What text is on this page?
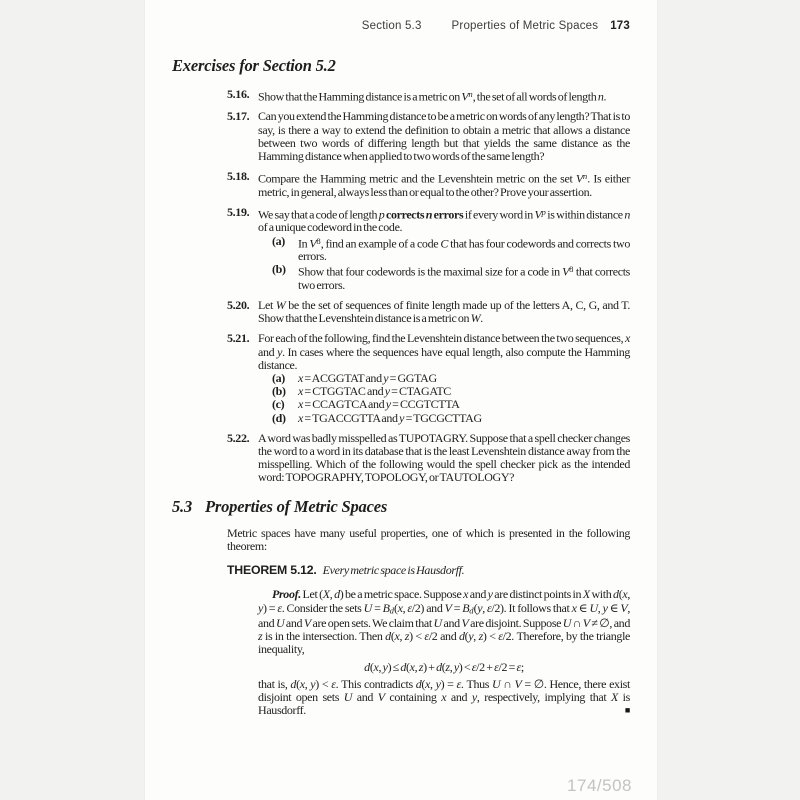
Section 5.3	Properties of Metric Spaces 173
Exercises for Section 5.2
5.16. Show that the Hamming distance is a metric on $V^n$, the set of all words of length n.
5.17. Can you extend the Hamming distance to be a metric on words of any length? That is to say, is there a way to extend the definition to obtain a metric that allows a distance between two words of differing length but that yields the same distance as the Hamming distance when applied to two words of the same length?
5.18. Compare the Hamming metric and the Levenshtein metric on the set $V^n$. Is either metric, in general, always less than or equal to the other? Prove your assertion.
5.19. We say that a code of length p corrects n errors if every word in $V^p$ is within distance n of a unique codeword in the code.
(a) In $V^8$, find an example of a code C that has four codewords and corrects two errors.
(b) Show that four codewords is the maximal size for a code in $V^8$ that corrects two errors.
5.20. Let W be the set of sequences of finite length made up of the letters A, C, G, and T. Show that the Levenshtein distance is a metric on W.
5.21. For each of the following, find the Levenshtein distance between the two sequences, x and y. In cases where the sequences have equal length, also compute the Hamming distance.
(a) x = ACGGTAT and y = GGTAG
(b) x = CTGGTAC and y = CTAGATC
(c) x = CCAGTCA and y = CCGTCTTA
(d) x = TGACCGTTA and y = TGCGCTTAG
5.22. A word was badly misspelled as TUPOTAGRY. Suppose that a spell checker changes the word to a word in its database that is the least Levenshtein distance away from the misspelling. Which of the following would the spell checker pick as the intended word: TOPOGRAPHY, TOPOLOGY, or TAUTOLOGY?
5.3 Properties of Metric Spaces

Metric spaces have many useful properties, one of which is presented in the following theorem:

THEOREM 5.12. Every metric space is Hausdorff.

Proof. Let (X, d) be a metric space. Suppose x and y are distinct points in X with d(x, y) = ε. Consider the sets U = Bd(x, ε/2) and V = Bd(y, ε/2). It follows that x ∈ U, y ∈ V, and U and V are open sets. We claim that U and V are disjoint. Suppose U ∩ V ≠ ∅, and z is in the intersection. Then d(x, z) < ε/2 and d(y, z) < ε/2. Therefore, by the triangle inequality,

d(x, y) ≤ d(x, z) + d(z, y) < ε/2 + ε/2 = ε;

that is, d(x, y) < ε. This contradicts d(x, y) = ε. Thus U ∩ V = ∅. Hence, there exist disjoint open sets U and V containing x and y, respectively, implying that X is Hausdorff.	■

174/508
